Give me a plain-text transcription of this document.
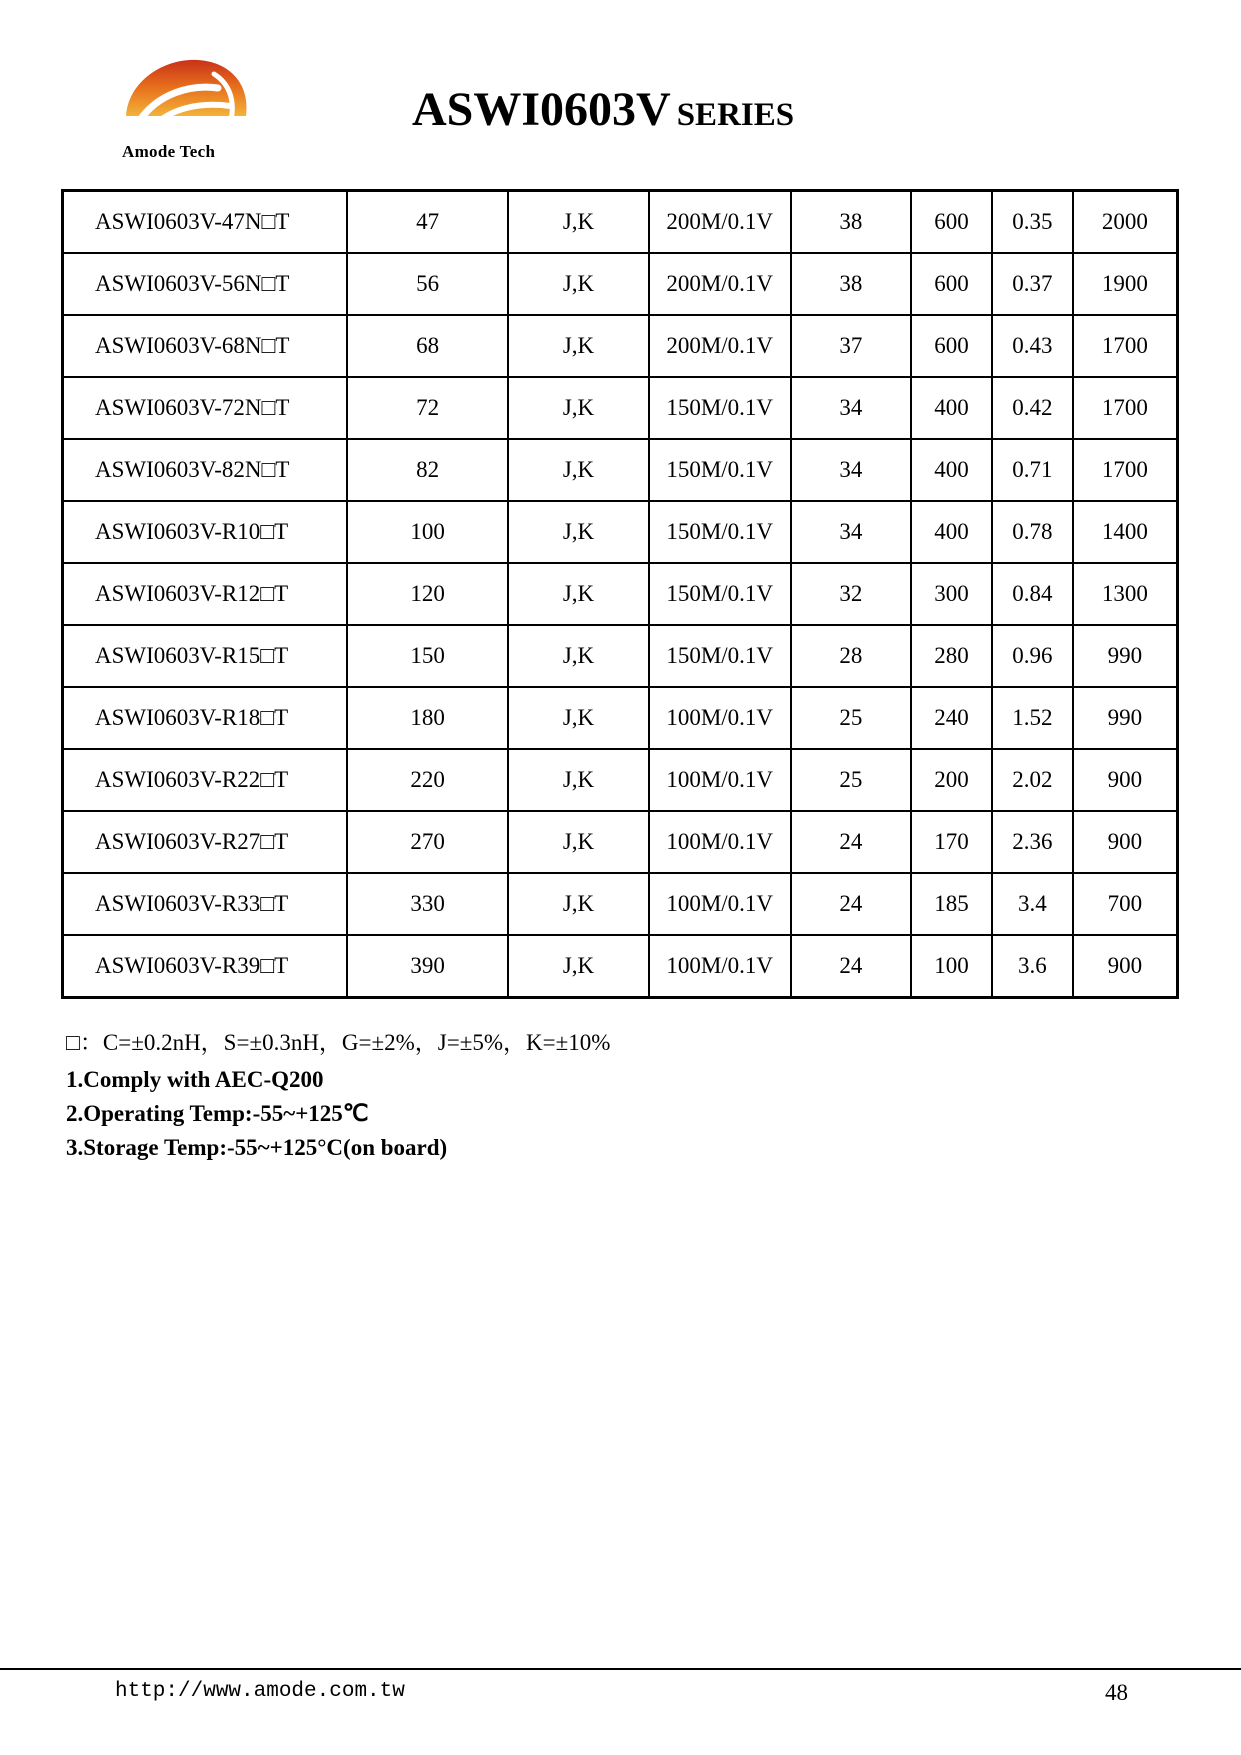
Amode Tech
ASWI0603V SERIES
ASWI0603V-47N□T	47	J,K	200M/0.1V	38	600	0.35	2000
ASWI0603V-56N□T	56	J,K	200M/0.1V	38	600	0.37	1900
ASWI0603V-68N□T	68	J,K	200M/0.1V	37	600	0.43	1700
ASWI0603V-72N□T	72	J,K	150M/0.1V	34	400	0.42	1700
ASWI0603V-82N□T	82	J,K	150M/0.1V	34	400	0.71	1700
ASWI0603V-R10□T	100	J,K	150M/0.1V	34	400	0.78	1400
ASWI0603V-R12□T	120	J,K	150M/0.1V	32	300	0.84	1300
ASWI0603V-R15□T	150	J,K	150M/0.1V	28	280	0.96	990
ASWI0603V-R18□T	180	J,K	100M/0.1V	25	240	1.52	990
ASWI0603V-R22□T	220	J,K	100M/0.1V	25	200	2.02	900
ASWI0603V-R27□T	270	J,K	100M/0.1V	24	170	2.36	900
ASWI0603V-R33□T	330	J,K	100M/0.1V	24	185	3.4	700
ASWI0603V-R39□T	390	J,K	100M/0.1V	24	100	3.6	900
□：C=±0.2nH，S=±0.3nH，G=±2%，J=±5%，K=±10%
1.Comply with AEC-Q200
2.Operating Temp:-55~+125℃
3.Storage Temp:-55~+125°C(on board)
http://www.amode.com.tw	48
